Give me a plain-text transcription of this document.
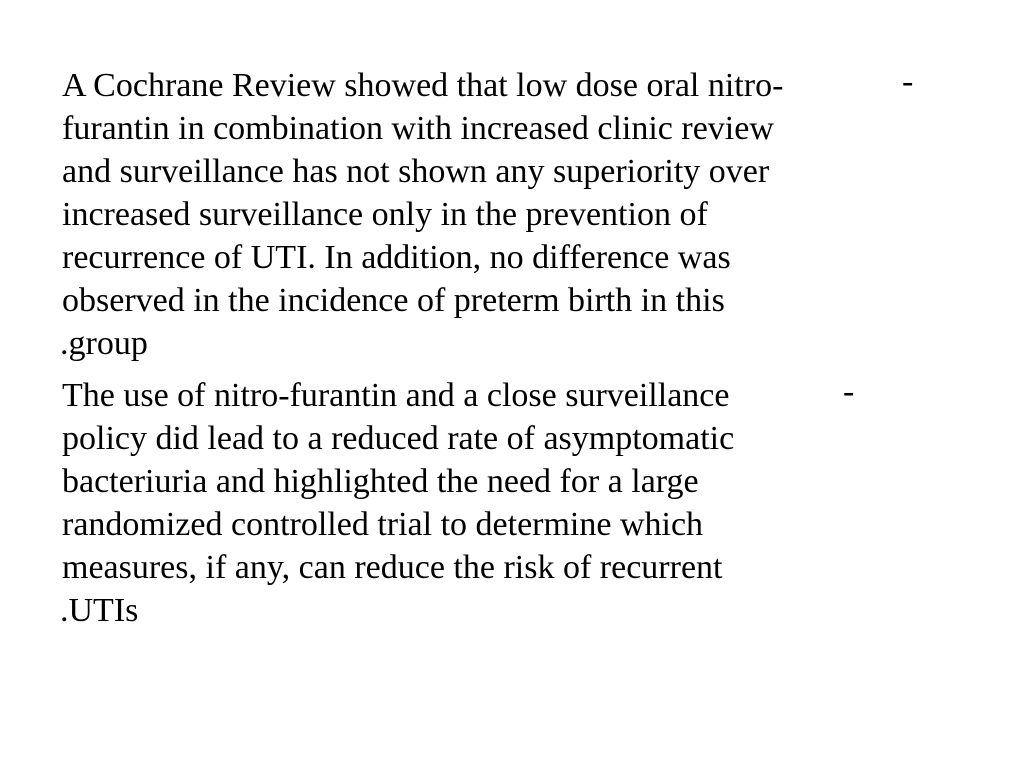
A Cochrane Review showed that low dose oral nitro-	-
furantin in combination with increased clinic review
and surveillance has not shown any superiority over
increased surveillance only in the prevention of
recurrence of UTI. In addition, no difference was
observed in the incidence of preterm birth in this
.group
The use of nitro-furantin and a close surveillance	-
policy did lead to a reduced rate of asymptomatic
bacteriuria and highlighted the need for a large
randomized controlled trial to determine which
measures, if any, can reduce the risk of recurrent
.UTIs
